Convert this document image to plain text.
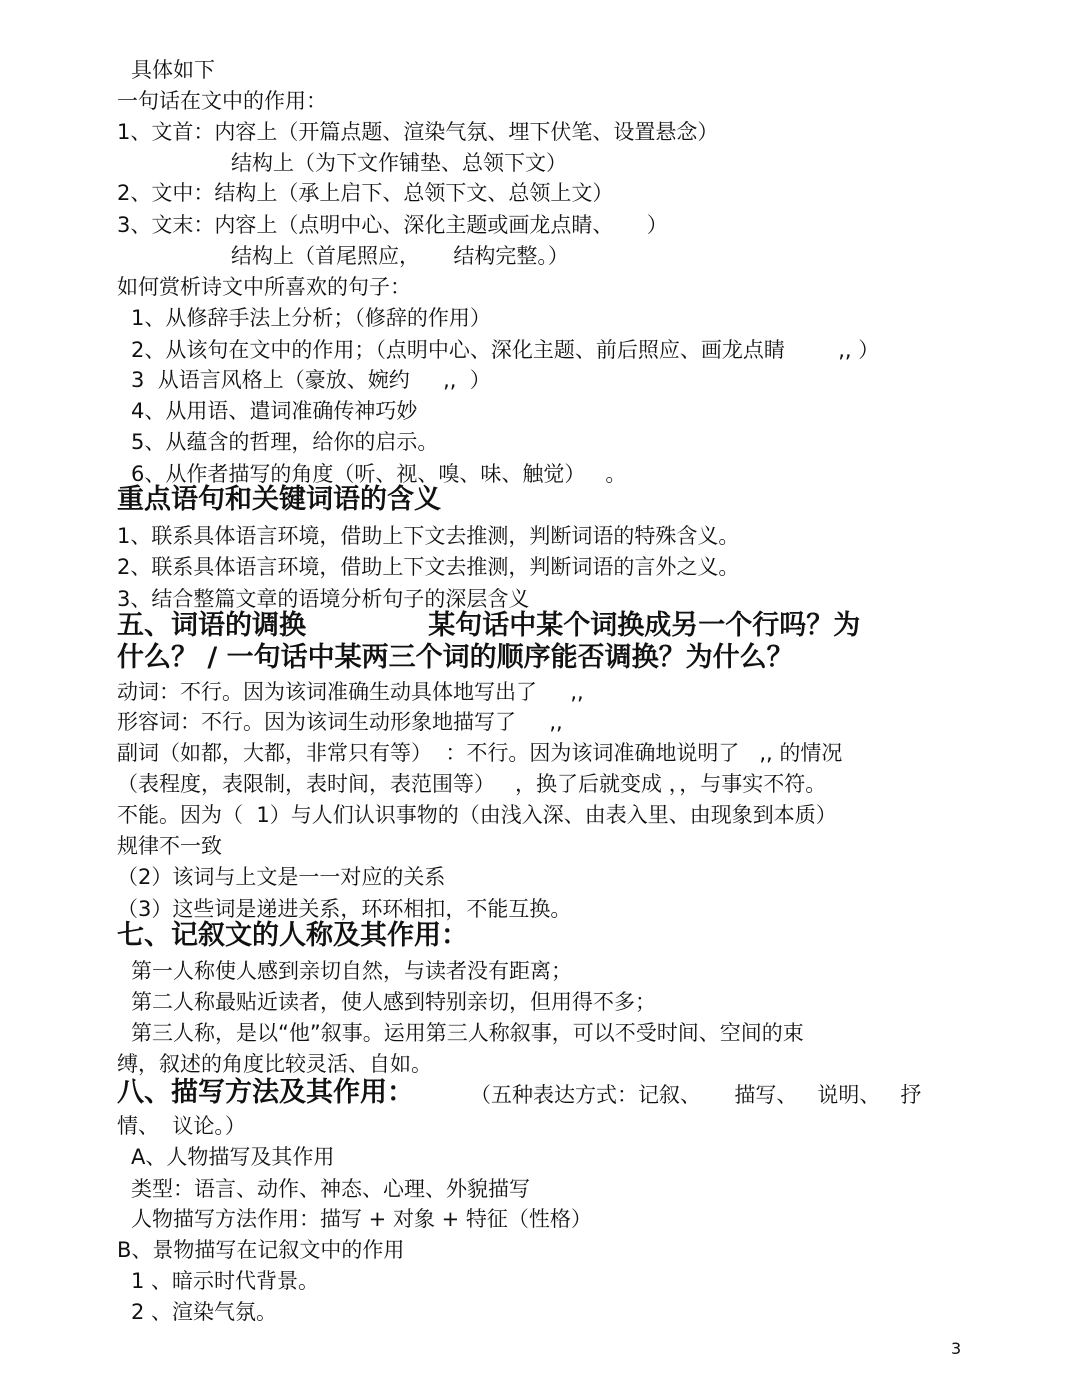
具体如下

一句话在文中的作用：

1、文首：内容上（开篇点题、渲染气氛、埋下伏笔、设置悬念）

结构上（为下文作铺垫、总领下文）

2、文中：结构上（承上启下、总领下文、总领上文）

3、文末：内容上（点明中心、深化主题或画龙点睛、     ）

结构上（首尾照应，     结构完整。）

如何赏析诗文中所喜欢的句子：

1、从修辞手法上分析；（修辞的作用）

2、从该句在文中的作用；（点明中心、深化主题、前后照应、画龙点睛        ,, ）

3  从语言风格上（豪放、婉约     ,,  ）

4、从用语、遣词准确传神巧妙

5、从蕴含的哲理，给你的启示。

6、从作者描写的角度（听、视、嗅、味、触觉）   。

重点语句和关键词语的含义

1、联系具体语言环境，借助上下文去推测，判断词语的特殊含义。

2、联系具体语言环境，借助上下文去推测，判断词语的言外之义。

3、结合整篇文章的语境分析句子的深层含义

五、词语的调换             某句话中某个词换成另一个行吗？为

什么？ / 一句话中某两三个词的顺序能否调换？为什么？

动词：不行。因为该词准确生动具体地写出了     ,,

形容词：不行。因为该词生动形象地描写了     ,,

副词（如都，大都，非常只有等）  ：不行。因为该词准确地说明了   ,, 的情况

（表程度，表限制，表时间，表范围等）   ，换了后就变成 ，，与事实不符。

不能。因为（  1）与人们认识事物的（由浅入深、由表入里、由现象到本质）

规律不一致

（2）该词与上文是一一对应的关系

（3）这些词是递进关系，环环相扣，不能互换。

七、记叙文的人称及其作用：

第一人称使人感到亲切自然，与读者没有距离；

第二人称最贴近读者，使人感到特别亲切，但用得不多；

第三人称，是以“他”叙事。运用第三人称叙事，可以不受时间、空间的束

缚，叙述的角度比较灵活、自如。

八、描写方法及其作用：	（五种表达方式：记叙、     描写、   说明、   抒

情、  议论。）

A、人物描写及其作用

类型：语言、动作、神态、心理、外貌描写

人物描写方法作用：描写 + 对象 + 特征（性格）

B、景物描写在记叙文中的作用

1 、暗示时代背景。

2 、渲染气氛。

3
